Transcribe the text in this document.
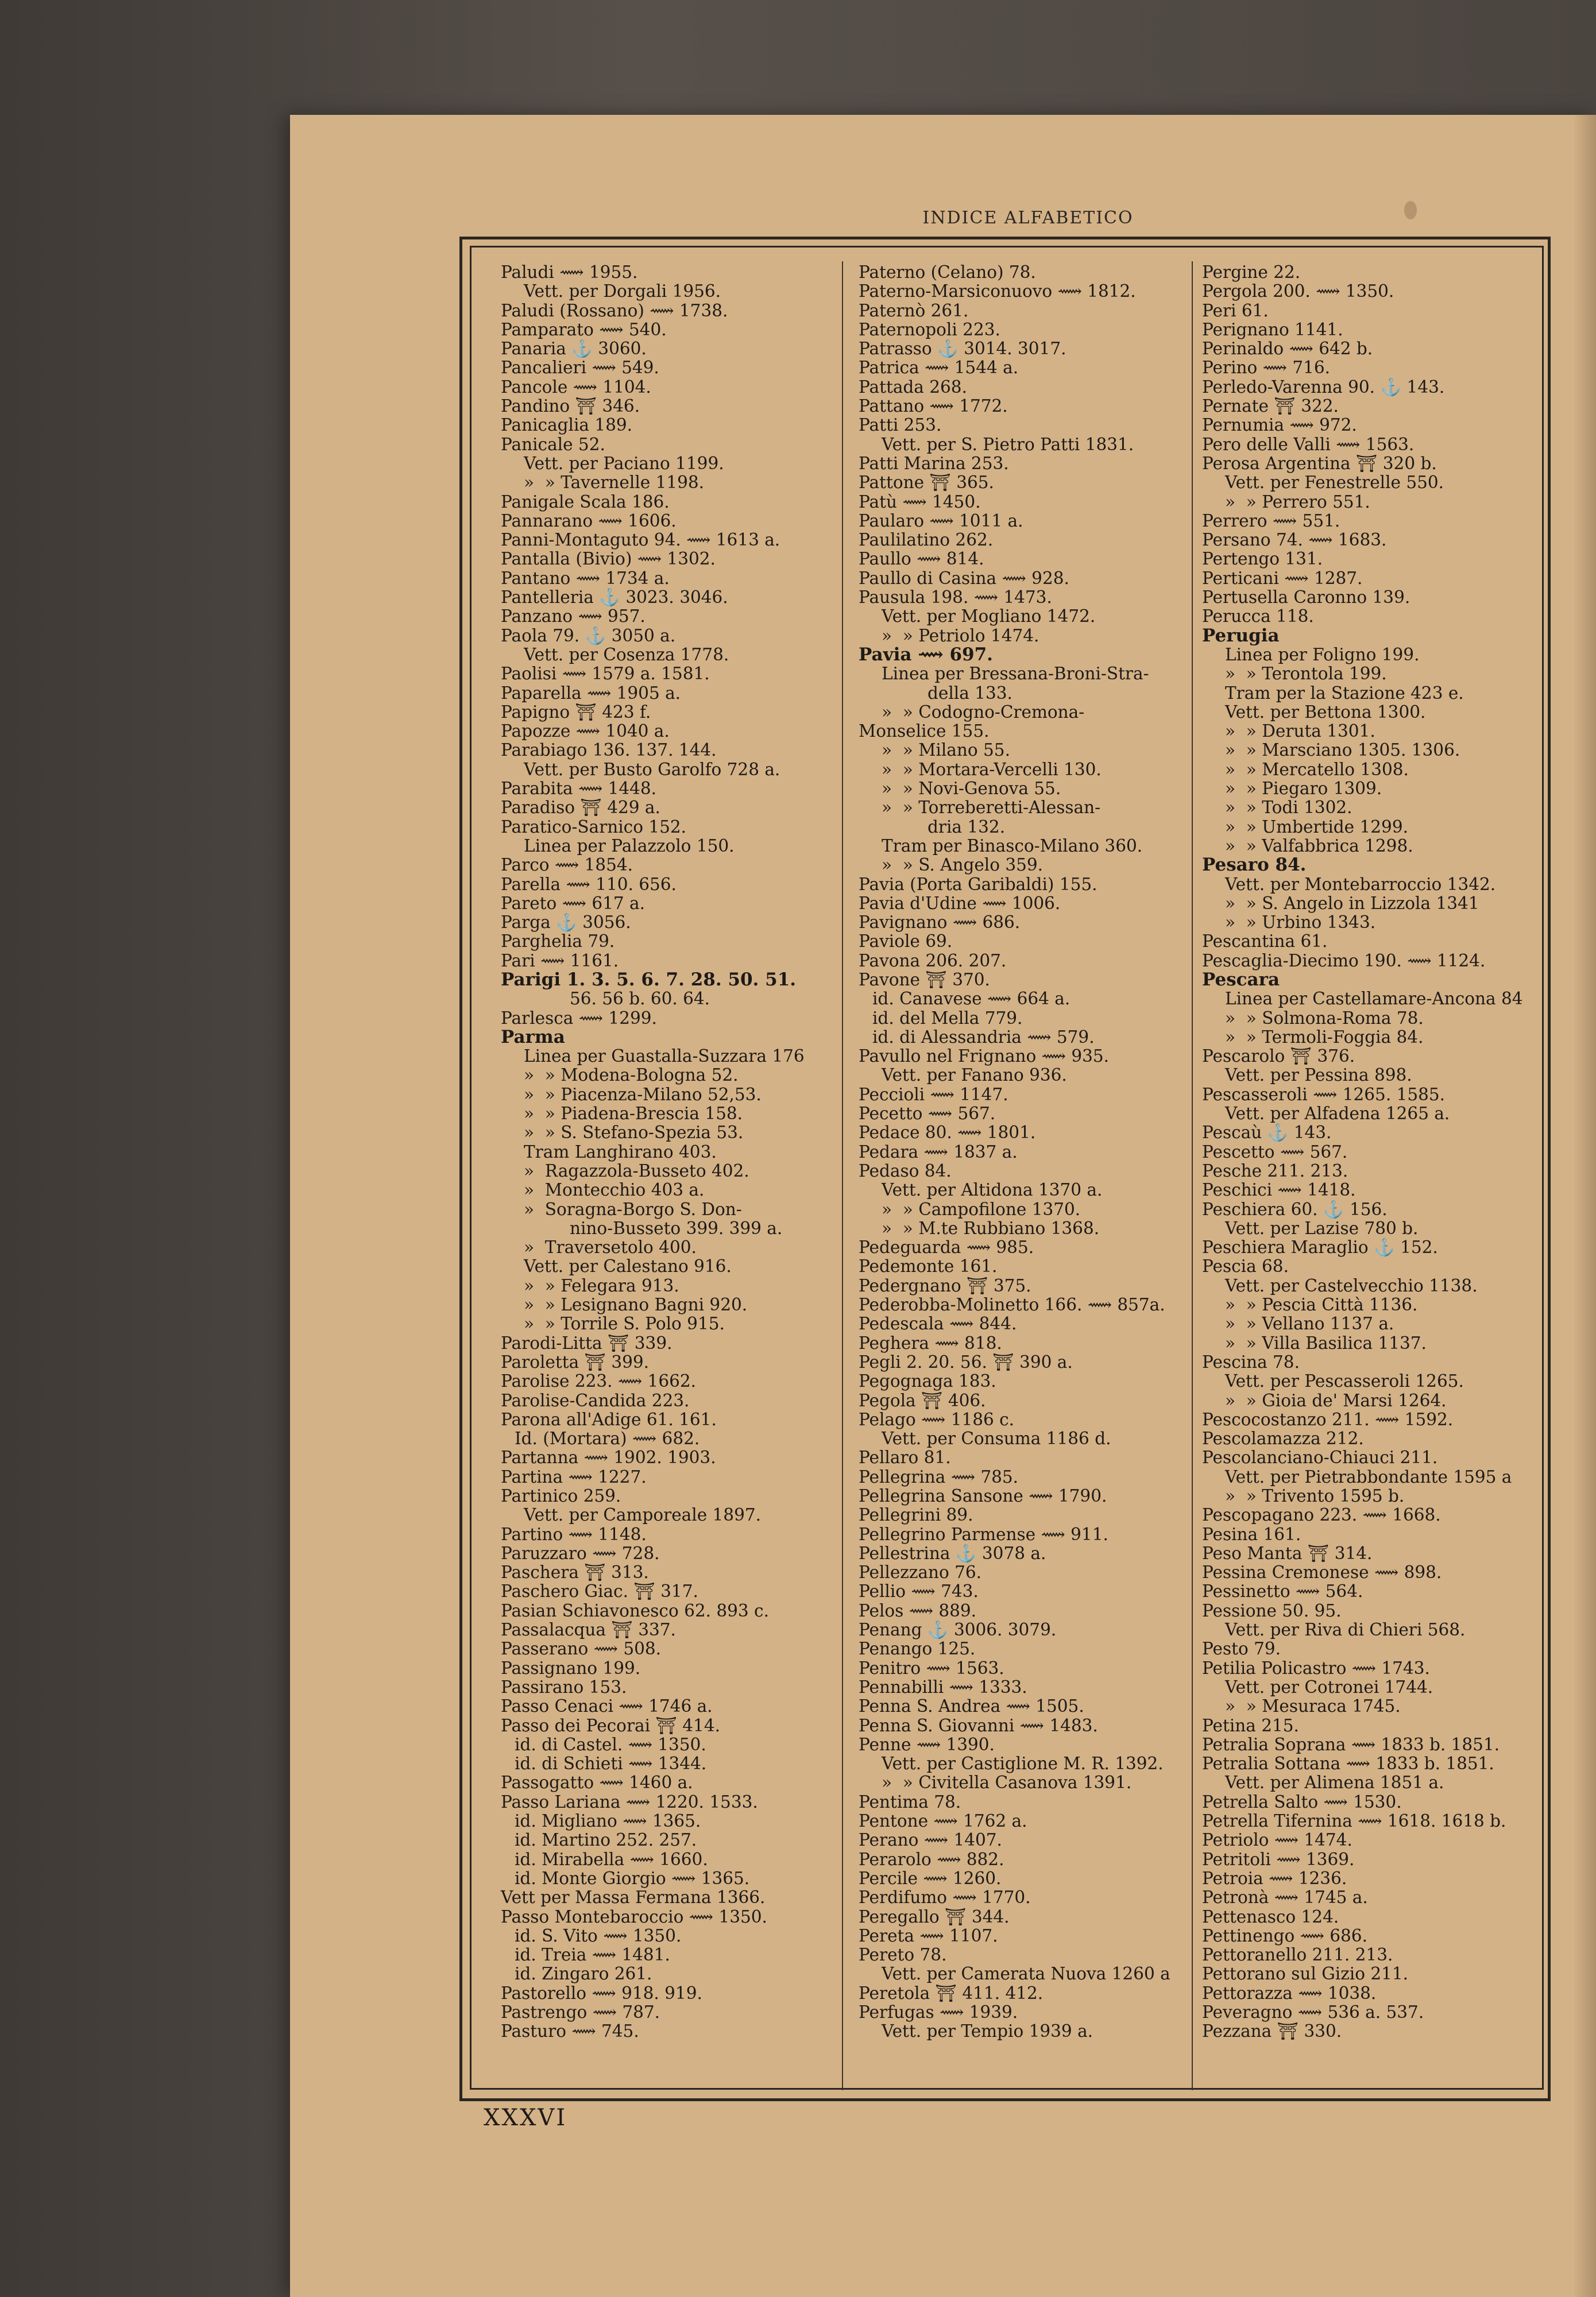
INDICE ALFABETICO
Paludi ⟿ 1955.
Vett. per Dorgali 1956.
Paludi (Rossano) ⟿ 1738.
Pamparato ⟿ 540.
Panaria ⚓ 3060.
Pancalieri ⟿ 549.
Pancole ⟿ 1104.
Pandino ⛩ 346.
Panicaglia 189.
Panicale 52.
Vett. per Paciano 1199.
»  » Tavernelle 1198.
Panigale Scala 186.
Pannarano ⟿ 1606.
Panni-Montaguto 94. ⟿ 1613 a.
Pantalla (Bivio) ⟿ 1302.
Pantano ⟿ 1734 a.
Pantelleria ⚓ 3023. 3046.
Panzano ⟿ 957.
Paola 79. ⚓ 3050 a.
Vett. per Cosenza 1778.
Paolisi ⟿ 1579 a. 1581.
Paparella ⟿ 1905 a.
Papigno ⛩ 423 f.
Papozze ⟿ 1040 a.
Parabiago 136. 137. 144.
Vett. per Busto Garolfo 728 a.
Parabita ⟿ 1448.
Paradiso ⛩ 429 a.
Paratico-Sarnico 152.
Linea per Palazzolo 150.
Parco ⟿ 1854.
Parella ⟿ 110. 656.
Pareto ⟿ 617 a.
Parga ⚓ 3056.
Parghelia 79.
Pari ⟿ 1161.
Parigi 1. 3. 5. 6. 7. 28. 50. 51.
56. 56 b. 60. 64.
Parlesca ⟿ 1299.
Parma
Linea per Guastalla-Suzzara 176
»  » Modena-Bologna 52.
»  » Piacenza-Milano 52,53.
»  » Piadena-Brescia 158.
»  » S. Stefano-Spezia 53.
Tram Langhirano 403.
»  Ragazzola-Busseto 402.
»  Montecchio 403 a.
»  Soragna-Borgo S. Don-
nino-Busseto 399. 399 a.
»  Traversetolo 400.
Vett. per Calestano 916.
»  » Felegara 913.
»  » Lesignano Bagni 920.
»  » Torrile S. Polo 915.
Parodi-Litta ⛩ 339.
Paroletta ⛩ 399.
Parolise 223. ⟿ 1662.
Parolise-Candida 223.
Parona all'Adige 61. 161.
Id. (Mortara) ⟿ 682.
Partanna ⟿ 1902. 1903.
Partina ⟿ 1227.
Partinico 259.
Vett. per Camporeale 1897.
Partino ⟿ 1148.
Paruzzaro ⟿ 728.
Paschera ⛩ 313.
Paschero Giac. ⛩ 317.
Pasian Schiavonesco 62. 893 c.
Passalacqua ⛩ 337.
Passerano ⟿ 508.
Passignano 199.
Passirano 153.
Passo Cenaci ⟿ 1746 a.
Passo dei Pecorai ⛩ 414.
id. di Castel. ⟿ 1350.
id. di Schieti ⟿ 1344.
Passogatto ⟿ 1460 a.
Passo Lariana ⟿ 1220. 1533.
id. Migliano ⟿ 1365.
id. Martino 252. 257.
id. Mirabella ⟿ 1660.
id. Monte Giorgio ⟿ 1365.
Vett per Massa Fermana 1366.
Passo Montebaroccio ⟿ 1350.
id. S. Vito ⟿ 1350.
id. Treia ⟿ 1481.
id. Zingaro 261.
Pastorello ⟿ 918. 919.
Pastrengo ⟿ 787.
Pasturo ⟿ 745.
Paterno (Celano) 78.
Paterno-Marsiconuovo ⟿ 1812.
Paternò 261.
Paternopoli 223.
Patrasso ⚓ 3014. 3017.
Patrica ⟿ 1544 a.
Pattada 268.
Pattano ⟿ 1772.
Patti 253.
Vett. per S. Pietro Patti 1831.
Patti Marina 253.
Pattone ⛩ 365.
Patù ⟿ 1450.
Paularo ⟿ 1011 a.
Paulilatino 262.
Paullo ⟿ 814.
Paullo di Casina ⟿ 928.
Pausula 198. ⟿ 1473.
Vett. per Mogliano 1472.
»  » Petriolo 1474.
Pavia ⟿ 697.
Linea per Bressana-Broni-Stra-
della 133.
»  » Codogno-Cremona-
Monselice 155.
»  » Milano 55.
»  » Mortara-Vercelli 130.
»  » Novi-Genova 55.
»  » Torreberetti-Alessan-
dria 132.
Tram per Binasco-Milano 360.
»  » S. Angelo 359.
Pavia (Porta Garibaldi) 155.
Pavia d'Udine ⟿ 1006.
Pavignano ⟿ 686.
Paviole 69.
Pavona 206. 207.
Pavone ⛩ 370.
id. Canavese ⟿ 664 a.
id. del Mella 779.
id. di Alessandria ⟿ 579.
Pavullo nel Frignano ⟿ 935.
Vett. per Fanano 936.
Peccioli ⟿ 1147.
Pecetto ⟿ 567.
Pedace 80. ⟿ 1801.
Pedara ⟿ 1837 a.
Pedaso 84.
Vett. per Altidona 1370 a.
»  » Campofilone 1370.
»  » M.te Rubbiano 1368.
Pedeguarda ⟿ 985.
Pedemonte 161.
Pedergnano ⛩ 375.
Pederobba-Molinetto 166. ⟿ 857a.
Pedescala ⟿ 844.
Peghera ⟿ 818.
Pegli 2. 20. 56. ⛩ 390 a.
Pegognaga 183.
Pegola ⛩ 406.
Pelago ⟿ 1186 c.
Vett. per Consuma 1186 d.
Pellaro 81.
Pellegrina ⟿ 785.
Pellegrina Sansone ⟿ 1790.
Pellegrini 89.
Pellegrino Parmense ⟿ 911.
Pellestrina ⚓ 3078 a.
Pellezzano 76.
Pellio ⟿ 743.
Pelos ⟿ 889.
Penang ⚓ 3006. 3079.
Penango 125.
Penitro ⟿ 1563.
Pennabilli ⟿ 1333.
Penna S. Andrea ⟿ 1505.
Penna S. Giovanni ⟿ 1483.
Penne ⟿ 1390.
Vett. per Castiglione M. R. 1392.
»  » Civitella Casanova 1391.
Pentima 78.
Pentone ⟿ 1762 a.
Perano ⟿ 1407.
Perarolo ⟿ 882.
Percile ⟿ 1260.
Perdifumo ⟿ 1770.
Peregallo ⛩ 344.
Pereta ⟿ 1107.
Pereto 78.
Vett. per Camerata Nuova 1260 a
Peretola ⛩ 411. 412.
Perfugas ⟿ 1939.
Vett. per Tempio 1939 a.
Pergine 22.
Pergola 200. ⟿ 1350.
Peri 61.
Perignano 1141.
Perinaldo ⟿ 642 b.
Perino ⟿ 716.
Perledo-Varenna 90. ⚓ 143.
Pernate ⛩ 322.
Pernumia ⟿ 972.
Pero delle Valli ⟿ 1563.
Perosa Argentina ⛩ 320 b.
Vett. per Fenestrelle 550.
»  » Perrero 551.
Perrero ⟿ 551.
Persano 74. ⟿ 1683.
Pertengo 131.
Perticani ⟿ 1287.
Pertusella Caronno 139.
Perucca 118.
Perugia
Linea per Foligno 199.
»  » Terontola 199.
Tram per la Stazione 423 e.
Vett. per Bettona 1300.
»  » Deruta 1301.
»  » Marsciano 1305. 1306.
»  » Mercatello 1308.
»  » Piegaro 1309.
»  » Todi 1302.
»  » Umbertide 1299.
»  » Valfabbrica 1298.
Pesaro 84.
Vett. per Montebarroccio 1342.
»  » S. Angelo in Lizzola 1341
»  » Urbino 1343.
Pescantina 61.
Pescaglia-Diecimo 190. ⟿ 1124.
Pescara
Linea per Castellamare-Ancona 84
»  » Solmona-Roma 78.
»  » Termoli-Foggia 84.
Pescarolo ⛩ 376.
Vett. per Pessina 898.
Pescasseroli ⟿ 1265. 1585.
Vett. per Alfadena 1265 a.
Pescaù ⚓ 143.
Pescetto ⟿ 567.
Pesche 211. 213.
Peschici ⟿ 1418.
Peschiera 60. ⚓ 156.
Vett. per Lazise 780 b.
Peschiera Maraglio ⚓ 152.
Pescia 68.
Vett. per Castelvecchio 1138.
»  » Pescia Città 1136.
»  » Vellano 1137 a.
»  » Villa Basilica 1137.
Pescina 78.
Vett. per Pescasseroli 1265.
»  » Gioia de' Marsi 1264.
Pescocostanzo 211. ⟿ 1592.
Pescolamazza 212.
Pescolanciano-Chiauci 211.
Vett. per Pietrabbondante 1595 a
»  » Trivento 1595 b.
Pescopagano 223. ⟿ 1668.
Pesina 161.
Peso Manta ⛩ 314.
Pessina Cremonese ⟿ 898.
Pessinetto ⟿ 564.
Pessione 50. 95.
Vett. per Riva di Chieri 568.
Pesto 79.
Petilia Policastro ⟿ 1743.
Vett. per Cotronei 1744.
»  » Mesuraca 1745.
Petina 215.
Petralia Soprana ⟿ 1833 b. 1851.
Petralia Sottana ⟿ 1833 b. 1851.
Vett. per Alimena 1851 a.
Petrella Salto ⟿ 1530.
Petrella Tifernina ⟿ 1618. 1618 b.
Petriolo ⟿ 1474.
Petritoli ⟿ 1369.
Petroia ⟿ 1236.
Petronà ⟿ 1745 a.
Pettenasco 124.
Pettinengo ⟿ 686.
Pettoranello 211. 213.
Pettorano sul Gizio 211.
Pettorazza ⟿ 1038.
Peveragno ⟿ 536 a. 537.
Pezzana ⛩ 330.
XXXVI
